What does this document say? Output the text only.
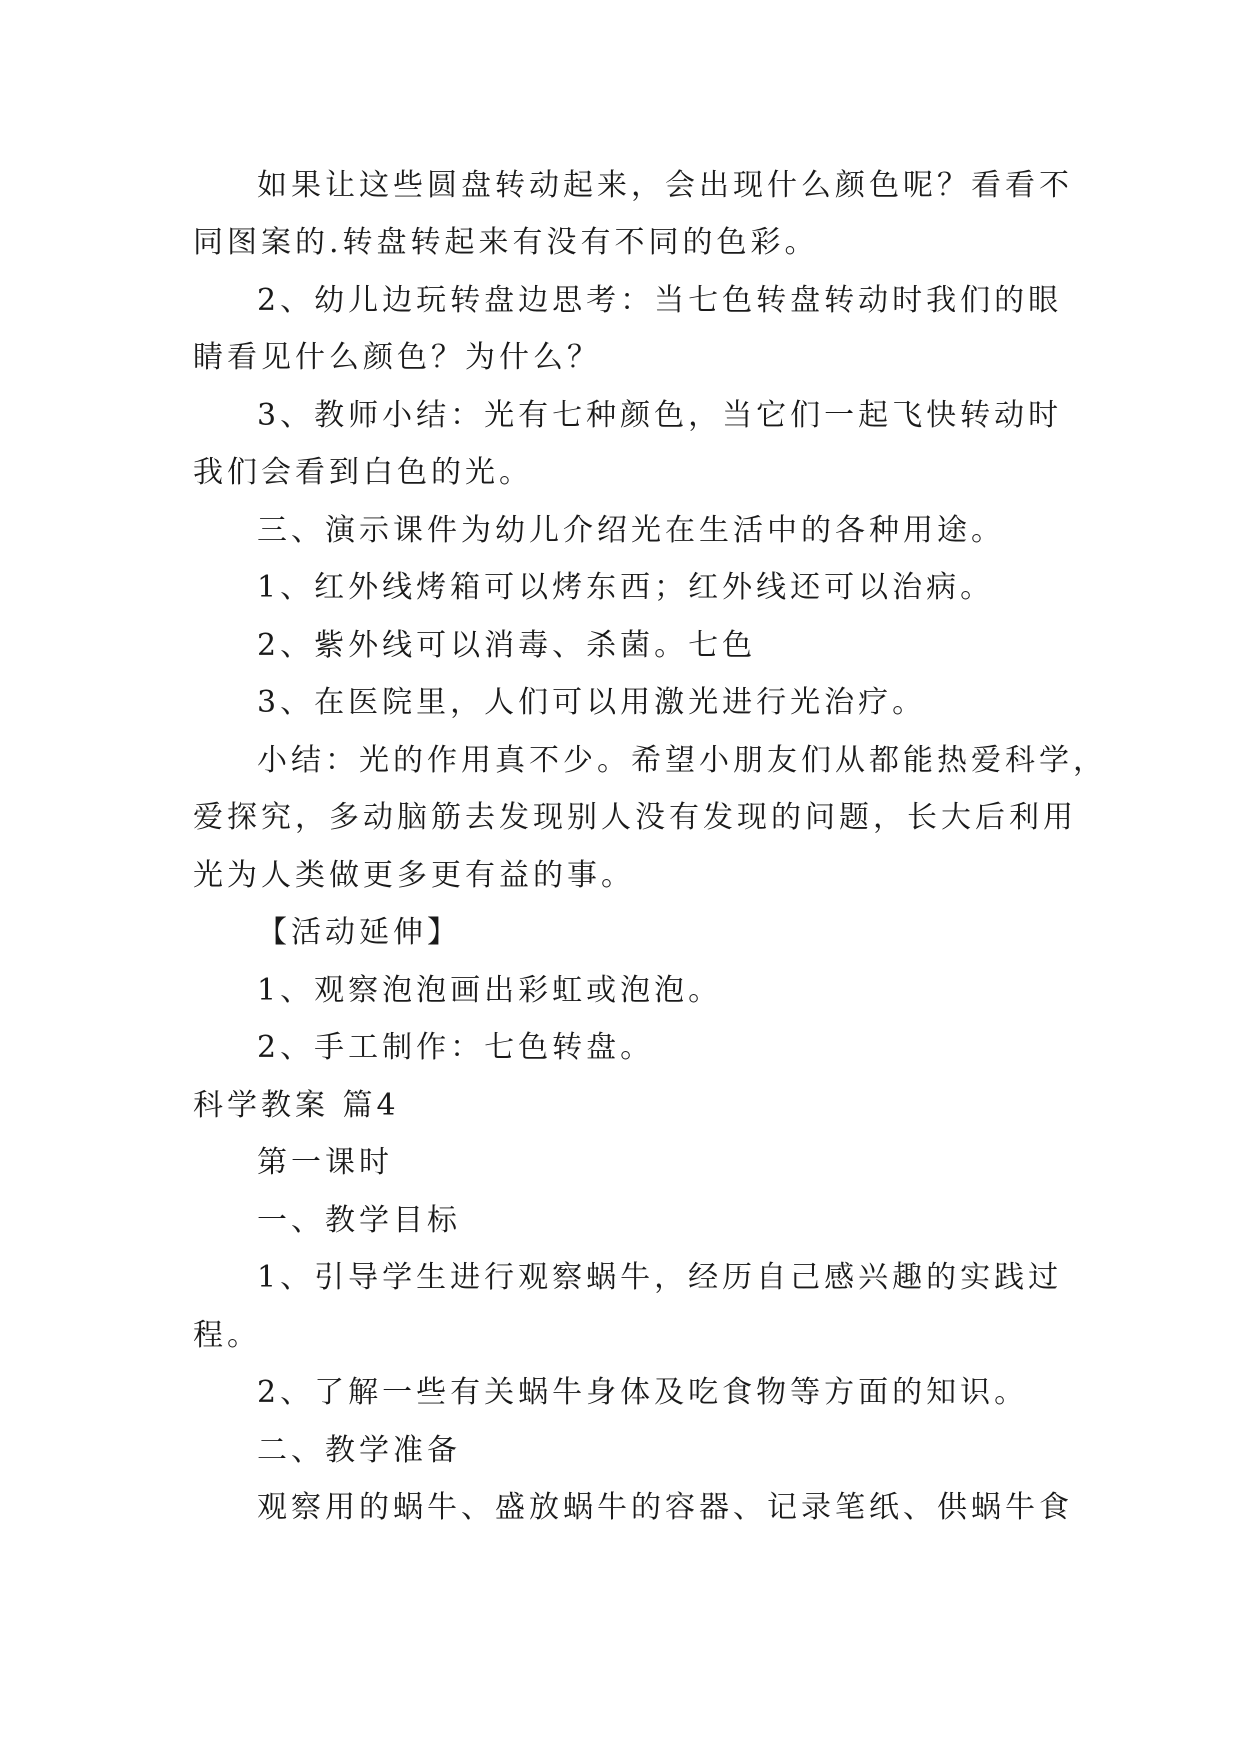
如果让这些圆盘转动起来，会出现什么颜色呢？看看不
同图案的.转盘转起来有没有不同的色彩。
2、幼儿边玩转盘边思考：当七色转盘转动时我们的眼
睛看见什么颜色？为什么？
3、教师小结：光有七种颜色，当它们一起飞快转动时
我们会看到白色的光。
三、演示课件为幼儿介绍光在生活中的各种用途。
1、红外线烤箱可以烤东西；红外线还可以治病。
2、紫外线可以消毒、杀菌。七色
3、在医院里，人们可以用激光进行光治疗。
小结：光的作用真不少。希望小朋友们从都能热爱科学，
爱探究，多动脑筋去发现别人没有发现的问题，长大后利用
光为人类做更多更有益的事。
【活动延伸】
1、观察泡泡画出彩虹或泡泡。
2、手工制作：七色转盘。
科学教案 篇4
第一课时
一、教学目标
1、引导学生进行观察蜗牛，经历自己感兴趣的实践过
程。
2、了解一些有关蜗牛身体及吃食物等方面的知识。
二、教学准备
观察用的蜗牛、盛放蜗牛的容器、记录笔纸、供蜗牛食
